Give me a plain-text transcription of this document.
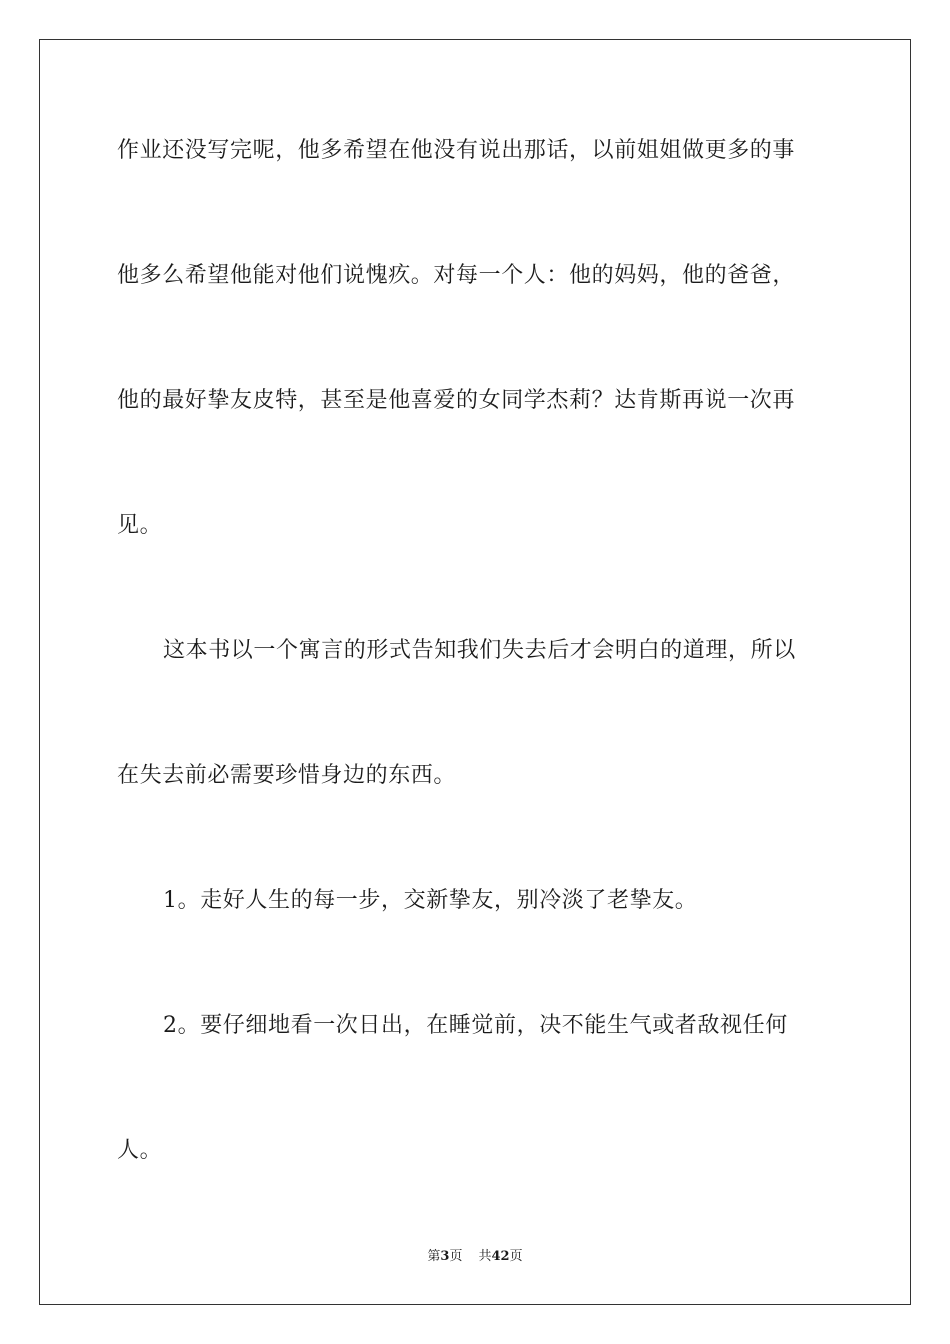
作业还没写完呢，他多希望在他没有说出那话，以前姐姐做更多的事
他多么希望他能对他们说愧疚。对每一个人：他的妈妈，他的爸爸，
他的最好挚友皮特，甚至是他喜爱的女同学杰莉？达肯斯再说一次再
见。
这本书以一个寓言的形式告知我们失去后才会明白的道理，所以
在失去前必需要珍惜身边的东西。
1。走好人生的每一步，交新挚友，别冷淡了老挚友。
2。要仔细地看一次日出，在睡觉前，决不能生气或者敌视任何
人。
第3页 共42页
